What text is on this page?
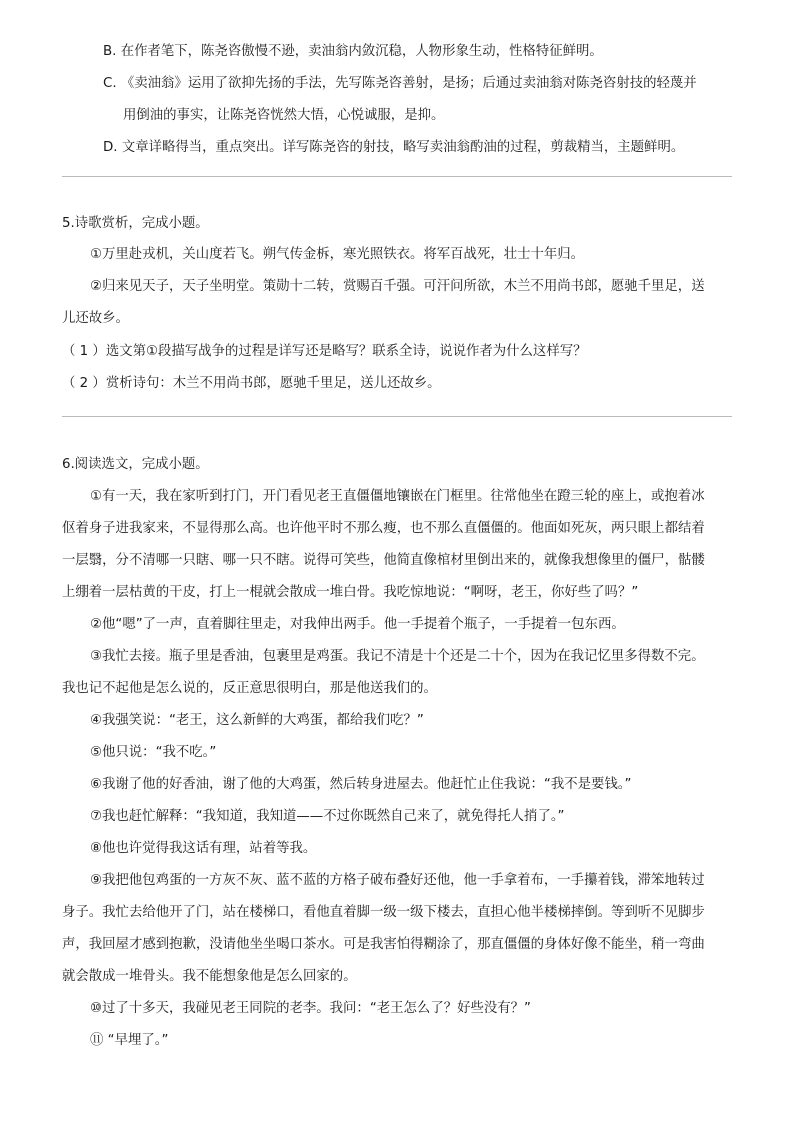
B. 在作者笔下，陈尧咨傲慢不逊，卖油翁内敛沉稳，人物形象生动，性格特征鲜明。
C. 《卖油翁》运用了欲抑先扬的手法，先写陈尧咨善射，是扬；后通过卖油翁对陈尧咨射技的轻蔑并
用倒油的事实，让陈尧咨恍然大悟，心悦诚服，是抑。
D. 文章详略得当，重点突出。详写陈尧咨的射技，略写卖油翁酌油的过程，剪裁精当，主题鲜明。
5.诗歌赏析，完成小题。
①万里赴戎机，关山度若飞。朔气传金柝，寒光照铁衣。将军百战死，壮士十年归。
②归来见天子，天子坐明堂。策勋十二转，赏赐百千强。可汗问所欲，木兰不用尚书郎，愿驰千里足，送
儿还故乡。
（ 1 ）选文第①段描写战争的过程是详写还是略写？联系全诗，说说作者为什么这样写？
（ 2 ）赏析诗句：木兰不用尚书郎，愿驰千里足，送儿还故乡。
6.阅读选文，完成小题。
①有一天，我在家听到打门，开门看见老王直僵僵地镶嵌在门框里。往常他坐在蹬三轮的座上，或抱着冰
伛着身子进我家来，不显得那么高。也许他平时不那么瘦，也不那么直僵僵的。他面如死灰，两只眼上都结着
一层翳，分不清哪一只瞎、哪一只不瞎。说得可笑些，他简直像棺材里倒出来的，就像我想像里的僵尸，骷髅
上绷着一层枯黄的干皮，打上一棍就会散成一堆白骨。我吃惊地说：“啊呀，老王，你好些了吗？”
②他“嗯”了一声，直着脚往里走，对我伸出两手。他一手提着个瓶子，一手提着一包东西。
③我忙去接。瓶子里是香油，包裹里是鸡蛋。我记不清是十个还是二十个，因为在我记忆里多得数不完。
我也记不起他是怎么说的，反正意思很明白，那是他送我们的。
④我强笑说：“老王，这么新鲜的大鸡蛋，都给我们吃？”
⑤他只说：“我不吃。”
⑥我谢了他的好香油，谢了他的大鸡蛋，然后转身进屋去。他赶忙止住我说：“我不是要钱。”
⑦我也赶忙解释：“我知道，我知道——不过你既然自己来了，就免得托人捎了。”
⑧他也许觉得我这话有理，站着等我。
⑨我把他包鸡蛋的一方灰不灰、蓝不蓝的方格子破布叠好还他，他一手拿着布，一手攥着钱，滞笨地转过
身子。我忙去给他开了门，站在楼梯口，看他直着脚一级一级下楼去，直担心他半楼梯摔倒。等到听不见脚步
声，我回屋才感到抱歉，没请他坐坐喝口茶水。可是我害怕得糊涂了，那直僵僵的身体好像不能坐，稍一弯曲
就会散成一堆骨头。我不能想象他是怎么回家的。
⑩过了十多天，我碰见老王同院的老李。我问：“老王怎么了？好些没有？”
⑪ “早埋了。”
